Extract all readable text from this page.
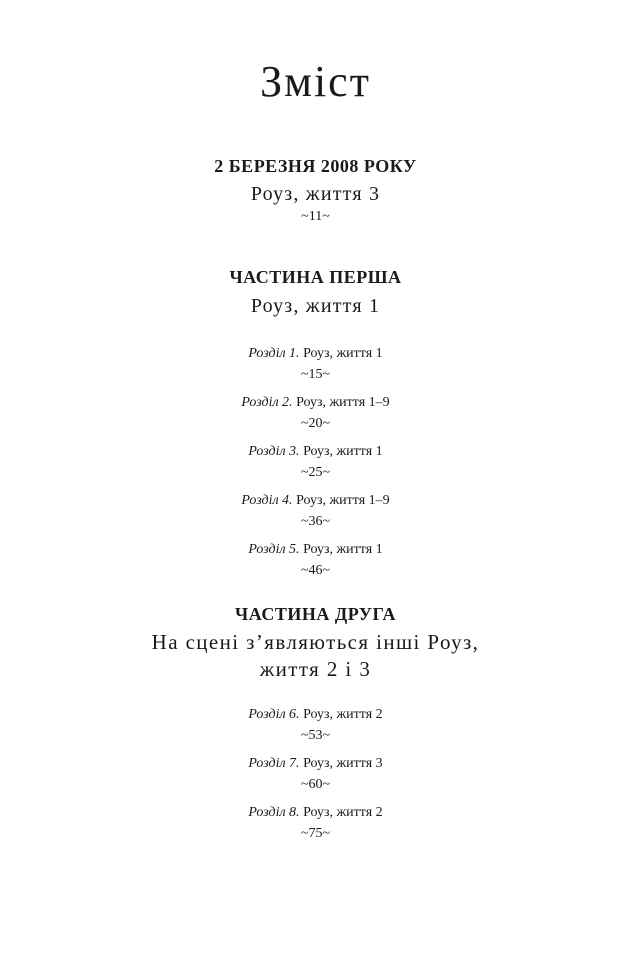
Зміст
2 БЕРЕЗНЯ 2008 РОКУ
Роуз, життя 3
~11~
ЧАСТИНА ПЕРША
Роуз, життя 1
Розділ 1. Роуз, життя 1
~15~
Розділ 2. Роуз, життя 1–9
~20~
Розділ 3. Роуз, життя 1
~25~
Розділ 4. Роуз, життя 1–9
~36~
Розділ 5. Роуз, життя 1
~46~
ЧАСТИНА ДРУГА
На сцені з’являються інші Роуз,
життя 2 і 3
Розділ 6. Роуз, життя 2
~53~
Розділ 7. Роуз, життя 3
~60~
Розділ 8. Роуз, життя 2
~75~
